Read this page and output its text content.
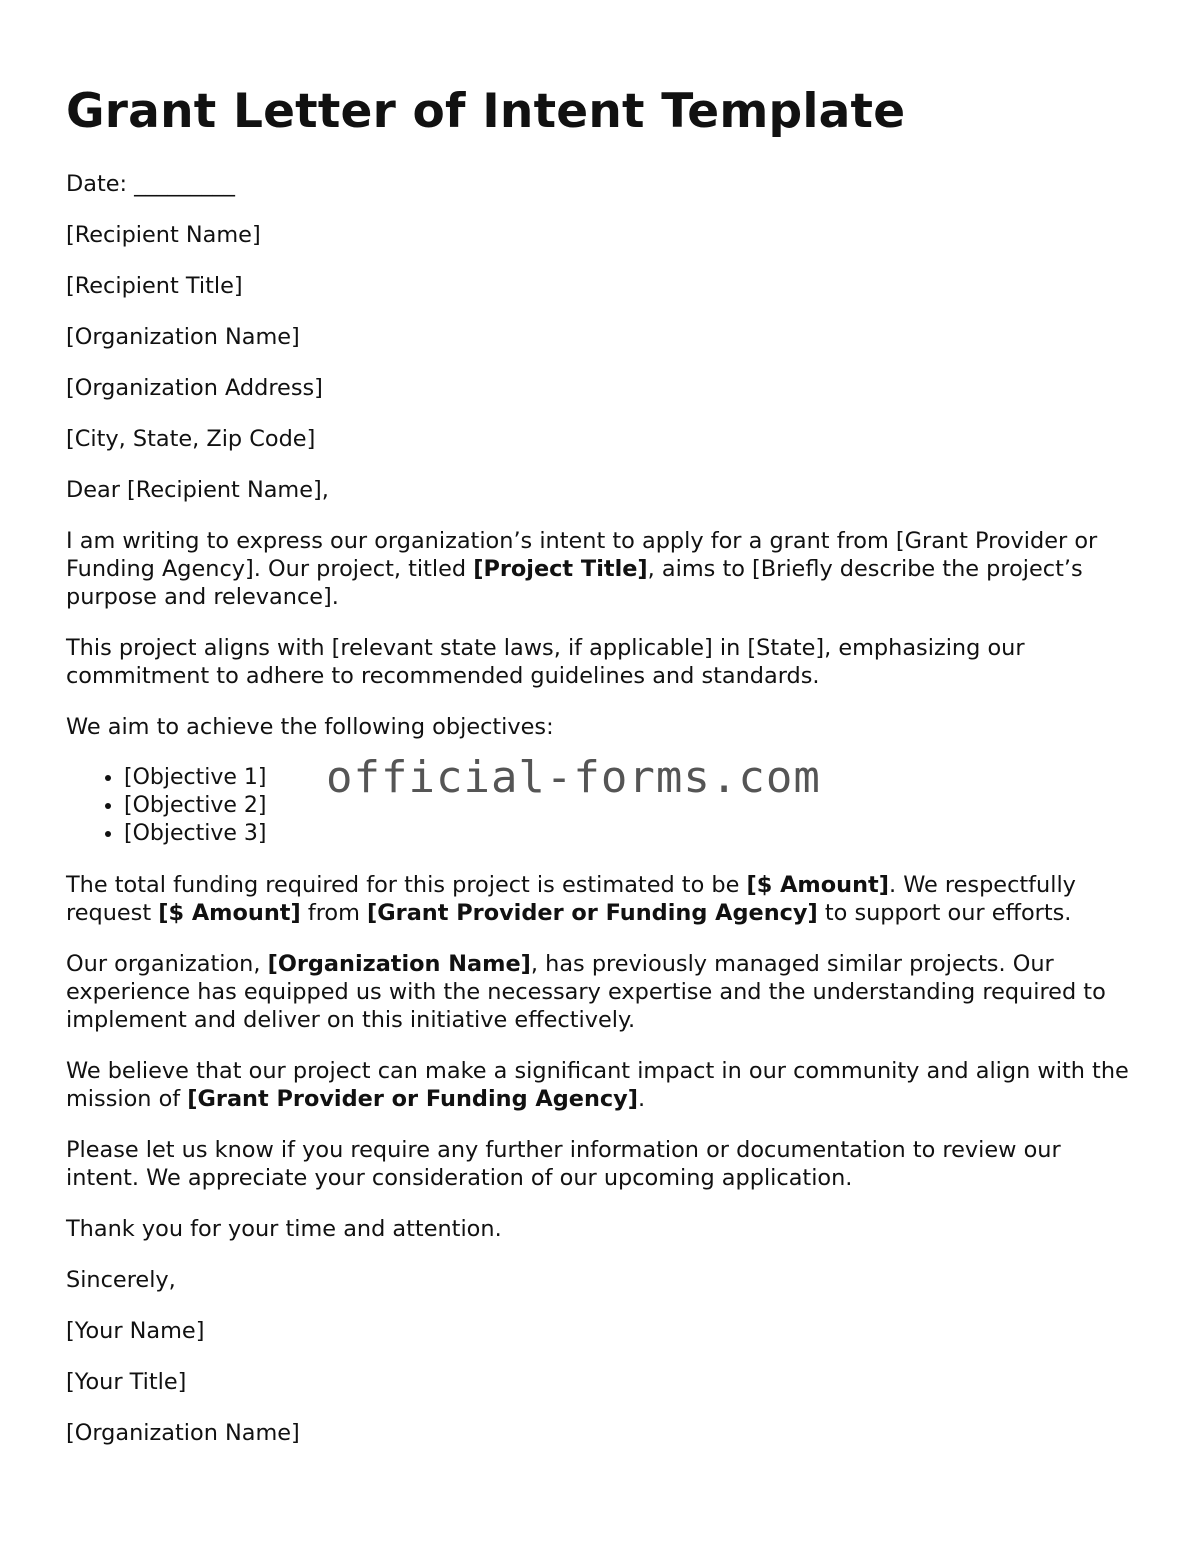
Grant Letter of Intent Template

Date: _________

[Recipient Name]

[Recipient Title]

[Organization Name]

[Organization Address]

[City, State, Zip Code]

Dear [Recipient Name],

I am writing to express our organization’s intent to apply for a grant from [Grant Provider or Funding Agency]. Our project, titled [Project Title], aims to [Briefly describe the project’s purpose and relevance].

This project aligns with [relevant state laws, if applicable] in [State], emphasizing our commitment to adhere to recommended guidelines and standards.

We aim to achieve the following objectives:

• [Objective 1]
• [Objective 2]
• [Objective 3]

The total funding required for this project is estimated to be [$ Amount]. We respectfully request [$ Amount] from [Grant Provider or Funding Agency] to support our efforts.

Our organization, [Organization Name], has previously managed similar projects. Our experience has equipped us with the necessary expertise and the understanding required to implement and deliver on this initiative effectively.

We believe that our project can make a significant impact in our community and align with the mission of [Grant Provider or Funding Agency].

Please let us know if you require any further information or documentation to review our intent. We appreciate your consideration of our upcoming application.

Thank you for your time and attention.

Sincerely,

[Your Name]

[Your Title]

[Organization Name]

official-forms.com
